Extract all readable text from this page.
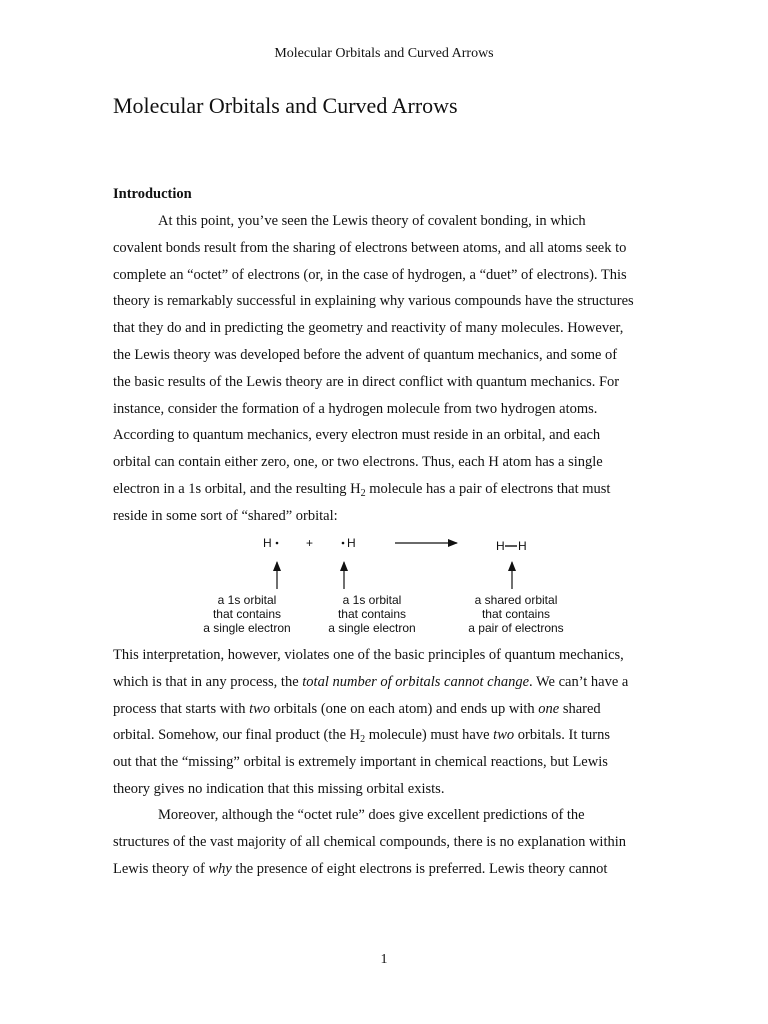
Molecular Orbitals and Curved Arrows
Molecular Orbitals and Curved Arrows
Introduction
At this point, you’ve seen the Lewis theory of covalent bonding, in which
covalent bonds result from the sharing of electrons between atoms, and all atoms seek to
complete an “octet” of electrons (or, in the case of hydrogen, a “duet” of electrons). This
theory is remarkably successful in explaining why various compounds have the structures
that they do and in predicting the geometry and reactivity of many molecules. However,
the Lewis theory was developed before the advent of quantum mechanics, and some of
the basic results of the Lewis theory are in direct conflict with quantum mechanics. For
instance, consider the formation of a hydrogen molecule from two hydrogen atoms.
According to quantum mechanics, every electron must reside in an orbital, and each
orbital can contain either zero, one, or two electrons. Thus, each H atom has a single
electron in a 1s orbital, and the resulting $H_2$ molecule has a pair of electrons that must
reside in some sort of “shared” orbital:
H	+	H	H H
a 1s orbital
that contains
a single electron
a 1s orbital
that contains
a single electron
a shared orbital
that contains
a pair of electrons
This interpretation, however, violates one of the basic principles of quantum mechanics,
which is that in any process, the total number of orbitals cannot change. We can’t have a
process that starts with two orbitals (one on each atom) and ends up with one shared
orbital. Somehow, our final product (the $H_2$ molecule) must have two orbitals. It turns
out that the “missing” orbital is extremely important in chemical reactions, but Lewis
theory gives no indication that this missing orbital exists.
Moreover, although the “octet rule” does give excellent predictions of the
structures of the vast majority of all chemical compounds, there is no explanation within
Lewis theory of why the presence of eight electrons is preferred. Lewis theory cannot
1
